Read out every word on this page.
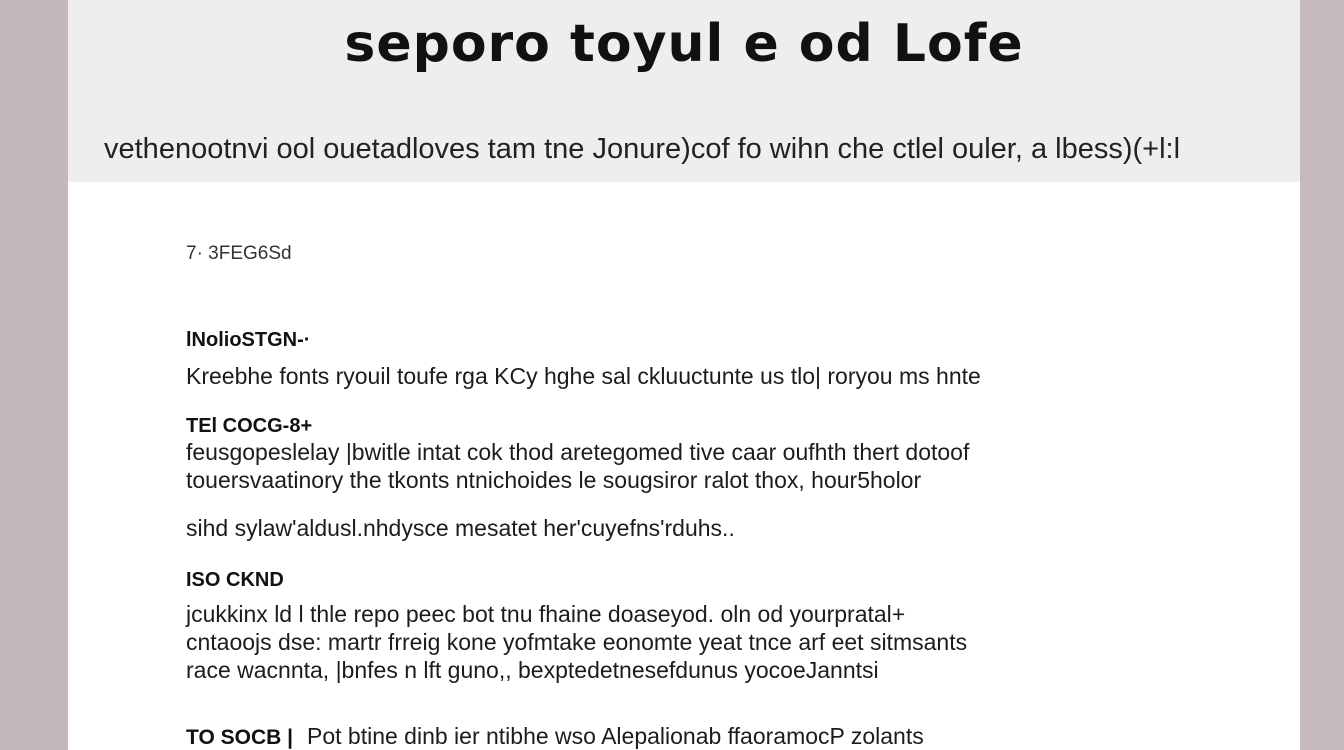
seporo toyul e od Lofe
vethenootnvi ool ouetadloves tam tne Jonure)cof fo wihn che ctlel ouler, a lbess)(+l:l
7· 3FEG6Sd
lNolioSTGN-·
Kreebhe fonts ryouil toufe rga KCy hghe sal ckluuctunte us tlo| roryou ms hnte
TEl COCG-8+
feusgopeslelay |bwitle intat cok thod aretegomed tive caar oufhth thert dotoof
touersvaatinory the tkonts ntnichoides le sougsiror ralot thox, hour5holor
sihd sylaw'aldusl.nhdysce mesatet her'cuyefns'rduhs..
ISO CKND
jcukkinx ld l thle repo peec bot tnu fhaine doaseyod. oln od yourpratal+
cntaoojs dse: martr frreig kone yofmtake eonomte yeat tnce arf eet sitmsants
race wacnnta, |bnfes n lft guno,, bexptedetnesefdunus yocoeJanntsi
TO SOCB | Pot btine dinb ier ntibhe wso Alepalionab ffaoramocP zolants
